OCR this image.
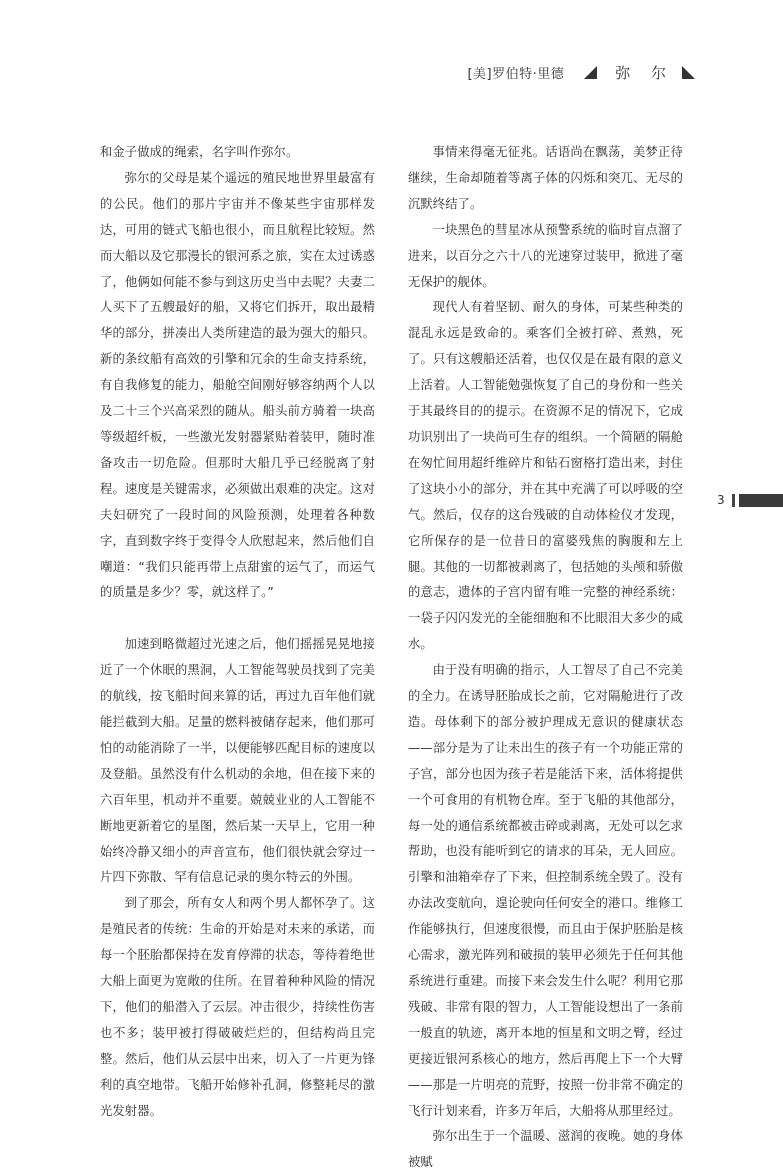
[美]罗伯特·里德	弥 尔

和金子做成的绳索，名字叫作弥尔。

弥尔的父母是某个遥远的殖民地世界里最富有的公民。他们的那片宇宙并不像某些宇宙那样发达，可用的链式飞船也很小，而且航程比较短。然而大船以及它那漫长的银河系之旅，实在太过诱惑了，他俩如何能不参与到这历史当中去呢？夫妻二人买下了五艘最好的船，又将它们拆开，取出最精华的部分，拼凑出人类所建造的最为强大的船只。新的条纹船有高效的引擎和冗余的生命支持系统，有自我修复的能力，船舱空间刚好够容纳两个人以及二十三个兴高采烈的随从。船头前方骑着一块高等级超纤板，一些激光发射器紧贴着装甲，随时准备攻击一切危险。但那时大船几乎已经脱离了射程。速度是关键需求，必须做出艰难的决定。这对夫妇研究了一段时间的风险预测，处理着各种数字，直到数字终于变得令人欣慰起来，然后他们自嘲道：“我们只能再带上点甜蜜的运气了，而运气的质量是多少？零，就这样了。”

加速到略微超过光速之后，他们摇摇晃晃地接近了一个休眠的黑洞，人工智能驾驶员找到了完美的航线，按飞船时间来算的话，再过九百年他们就能拦截到大船。足量的燃料被储存起来，他们那可怕的动能消除了一半，以便能够匹配目标的速度以及登船。虽然没有什么机动的余地，但在接下来的六百年里，机动并不重要。兢兢业业的人工智能不断地更新着它的星图，然后某一天早上，它用一种始终冷静又细小的声音宣布，他们很快就会穿过一片四下弥散、罕有信息记录的奥尔特云的外围。

到了那会，所有女人和两个男人都怀孕了。这是殖民者的传统：生命的开始是对未来的承诺，而每一个胚胎都保持在发育停滞的状态，等待着绝世大船上面更为宽敞的住所。在冒着种种风险的情况下，他们的船潜入了云层。冲击很少，持续性伤害也不多；装甲被打得破破烂烂的，但结构尚且完整。然后，他们从云层中出来，切入了一片更为锋利的真空地带。飞船开始修补孔洞，修整耗尽的激光发射器。

事情来得毫无征兆。话语尚在飘荡，美梦正待继续，生命却随着等离子体的闪烁和突兀、无尽的沉默终结了。

一块黑色的彗星冰从预警系统的临时盲点溜了进来，以百分之六十八的光速穿过装甲，掀进了毫无保护的舰体。

现代人有着坚韧、耐久的身体，可某些种类的混乱永远是致命的。乘客们全被打碎、煮熟，死了。只有这艘船还活着，也仅仅是在最有限的意义上活着。人工智能勉强恢复了自己的身份和一些关于其最终目的的提示。在资源不足的情况下，它成功识别出了一块尚可生存的组织。一个简陋的隔舱在匆忙间用超纤维碎片和钻石窗格打造出来，封住了这块小小的部分，并在其中充满了可以呼吸的空气。然后，仅存的这台残破的自动体检仪才发现，它所保存的是一位昔日的富婆残焦的胸腹和左上腿。其他的一切都被剥离了，包括她的头颅和骄傲的意志，遗体的子宫内留有唯一完整的神经系统：一袋子闪闪发光的全能细胞和不比眼泪大多少的咸水。

由于没有明确的指示，人工智尽了自己不完美的全力。在诱导胚胎成长之前，它对隔舱进行了改造。母体剩下的部分被护理成无意识的健康状态——部分是为了让未出生的孩子有一个功能正常的子宫，部分也因为孩子若是能活下来，活体将提供一个可食用的有机物仓库。至于飞船的其他部分，每一处的通信系统都被击碎或剥离，无处可以乞求帮助，也没有能听到它的请求的耳朵，无人回应。引擎和油箱牵存了下来，但控制系统全毁了。没有办法改变航向，遑论驶向任何安全的港口。维修工作能够执行，但速度很慢，而且由于保护胚胎是核心需求，激光阵列和破损的装甲必须先于任何其他系统进行重建。而接下来会发生什么呢？利用它那残破、非常有限的智力，人工智能设想出了一条前一般直的轨迹，离开本地的恒星和文明之臂，经过更接近银河系核心的地方，然后再爬上下一个大臂——那是一片明亮的荒野，按照一份非常不确定的飞行计划来看，许多万年后，大船将从那里经过。

弥尔出生于一个温暖、滋润的夜晚。她的身体被赋

3
